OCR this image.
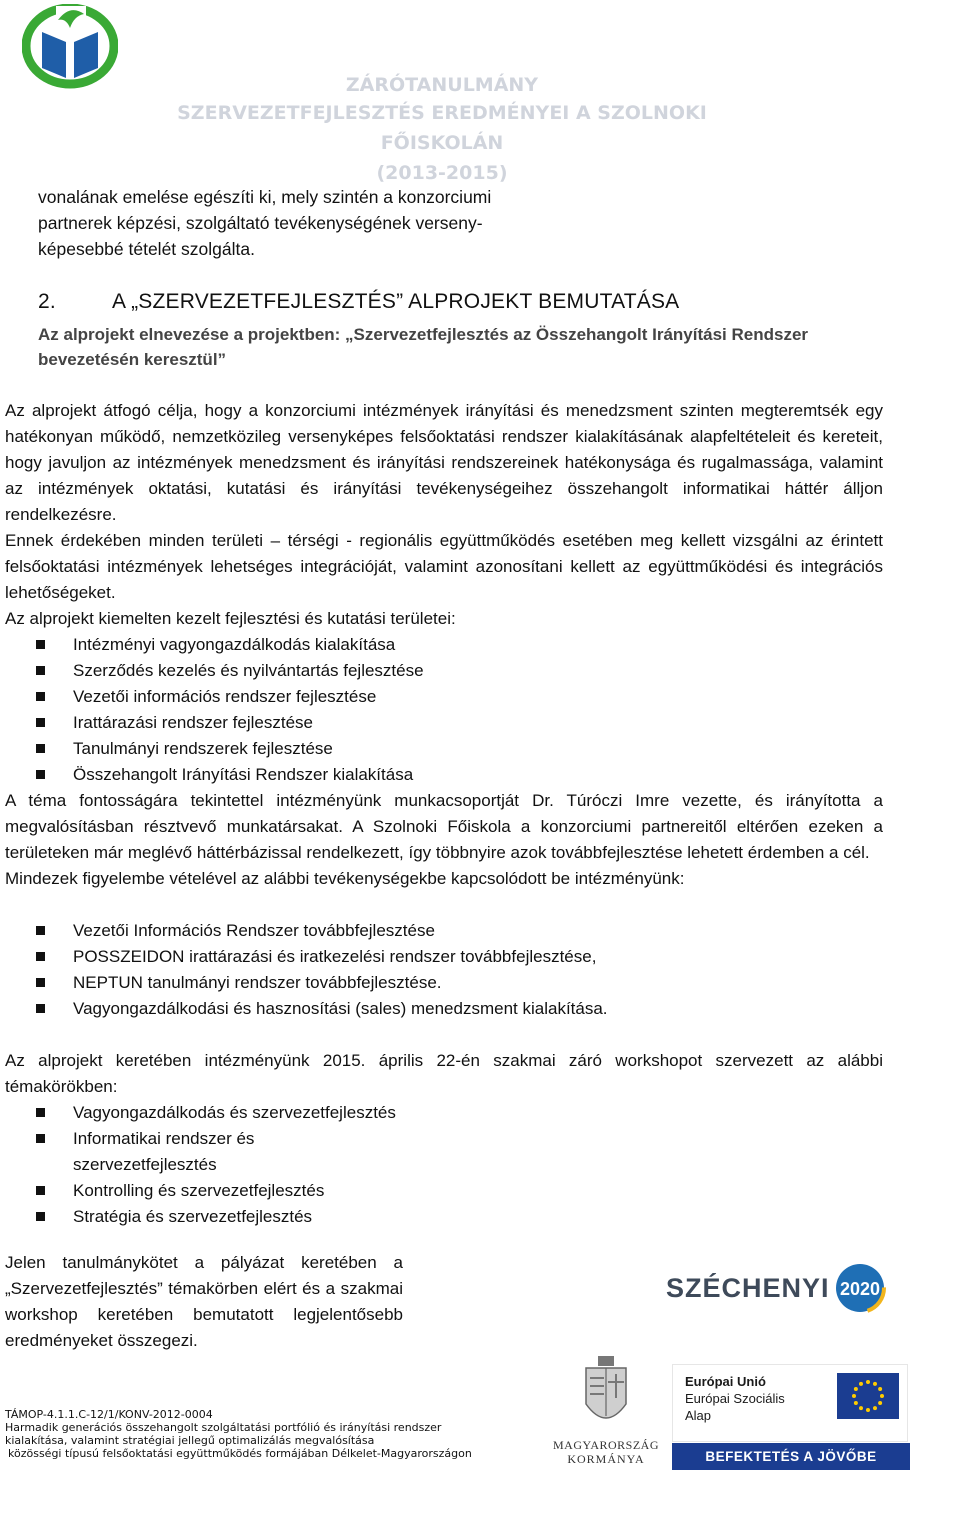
ZÁRÓTANULMÁNY
SZERVEZETFEJLESZTÉS EREDMÉNYEI A SZOLNOKI FŐISKOLÁN
(2013-2015)

vonalának emelése egészíti ki, mely szintén a konzorciumi

partnerek képzési, szolgáltató tevékenységének verseny-

képesebbé tételét szolgálta.

2.	A „SZERVEZETFEJLESZTÉS” ALPROJEKT BEMUTATÁSA
Az alprojekt elnevezése a projektben: „Szervezetfejlesztés az Összehangolt Irányítási Rendszer bevezetésén keresztül”

Az alprojekt átfogó célja, hogy a konzorciumi intézmények irányítási és menedzsment szinten megteremtsék egy hatékonyan működő, nemzetközileg versenyképes felsőoktatási rendszer kialakításának alapfeltételeit és kereteit, hogy javuljon az intézmények menedzsment és irányítási rendszereinek hatékonysága és rugalmassága, valamint az intézmények oktatási, kutatási és irányítási tevékenységeihez összehangolt informatikai háttér álljon rendelkezésre.

Ennek érdekében minden területi – térségi - regionális együttműködés esetében meg kellett vizsgálni az érintett felsőoktatási intézmények lehetséges integrációját, valamint azonosítani kellett az együttműködési és integrációs lehetőségeket.

Az alprojekt kiemelten kezelt fejlesztési és kutatási területei:

Intézményi vagyongazdálkodás kialakítása
Szerződés kezelés és nyilvántartás fejlesztése
Vezetői információs rendszer fejlesztése
Irattárazási rendszer fejlesztése
Tanulmányi rendszerek fejlesztése
Összehangolt Irányítási Rendszer kialakítása

A téma fontosságára tekintettel intézményünk munkacsoportját Dr. Túróczi Imre vezette, és irányította a megvalósításban résztvevő munkatársakat. A Szolnoki Főiskola a konzorciumi partnereitől eltérően ezeken a területeken már meglévő háttérbázissal rendelkezett, így többnyire azok továbbfejlesztése lehetett érdemben a cél.

Mindezek figyelembe vételével az alábbi tevékenységekbe kapcsolódott be intézményünk:

Vezetői Információs Rendszer továbbfejlesztése
POSSZEIDON irattárazási és iratkezelési rendszer továbbfejlesztése,
NEPTUN tanulmányi rendszer továbbfejlesztése.
Vagyongazdálkodási és hasznosítási (sales) menedzsment kialakítása.

Az alprojekt keretében intézményünk 2015. április 22-én szakmai záró workshopot szervezett az alábbi témakörökben:

Vagyongazdálkodás és szervezetfejlesztés
Informatikai rendszer és
szervezetfejlesztés
Kontrolling és szervezetfejlesztés
Stratégia és szervezetfejlesztés

Jelen tanulmánykötet a pályázat keretében a „Szervezetfejlesztés” témakörben elért és a szakmai workshop keretében bemutatott legjelentősebb eredményeket összegezi.

SZÉCHENYI 2020
MAGYARORSZÁG
KORMÁNYA
Európai Unió
Európai Szociális
Alap
BEFEKTETÉS A JÖVŐBE
TÁMOP-4.1.1.C-12/1/KONV-2012-0004
Harmadik generációs összehangolt szolgáltatási portfólió és irányítási rendszer
kialakítása, valamint stratégiai jellegű optimalizálás megvalósítása
közösségi típusú felsőoktatási együttműködés formájában Délkelet-Magyarországon
